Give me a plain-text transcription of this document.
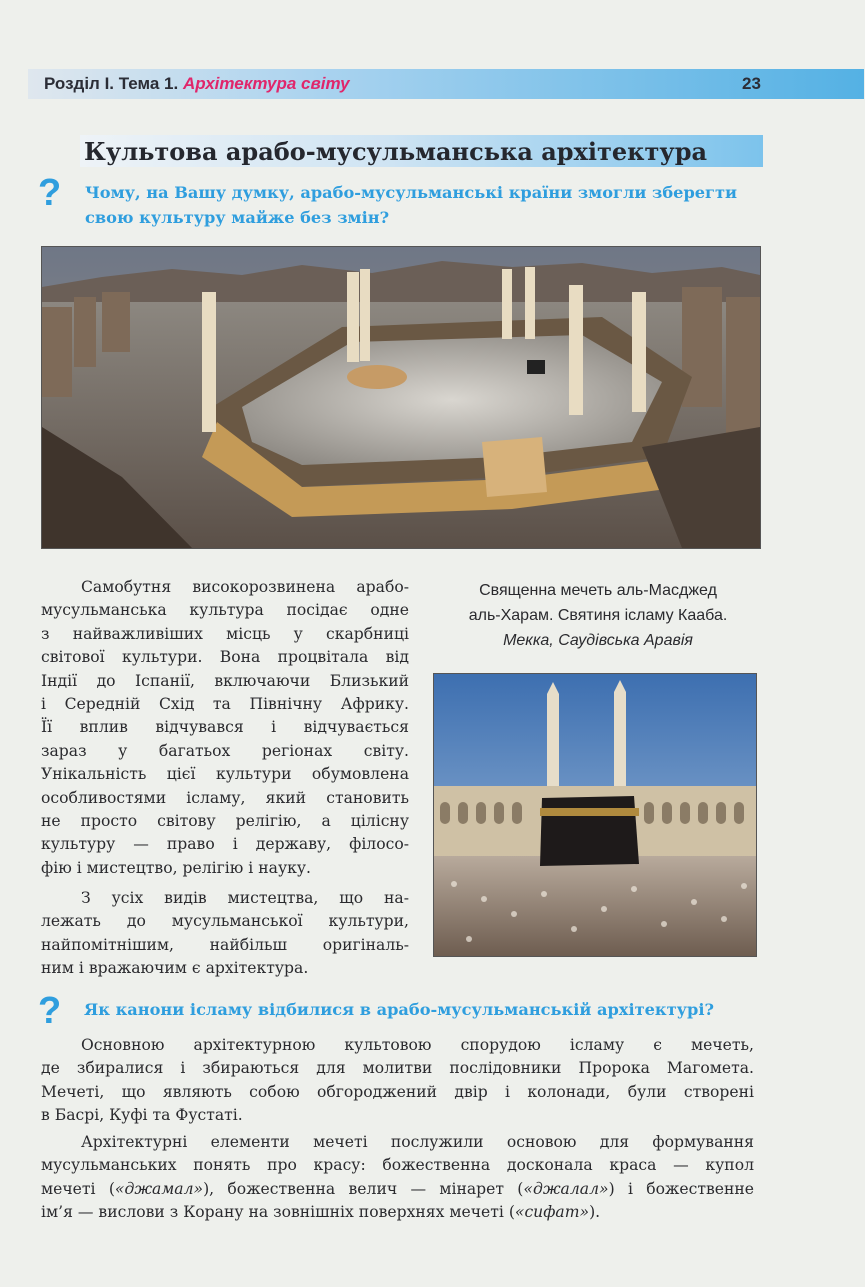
Розділ І. Тема 1. Архітектура світу	23
Культова арабо-мусульманська архітектура
? Чому, на Вашу думку, арабо-мусульманські країни змогли зберегти
свою культуру майже без змін?
Священна мечеть аль-Масджед
аль-Харам. Святиня ісламу Кааба.
Мекка, Саудівська Аравія
Самобутня високорозвинена арабо-
мусульманська культура посідає одне
з найважливіших місць у скарбниці
світової культури. Вона процвітала від
Індії до Іспанії, включаючи Близький
і Середній Схід та Північну Африку.
Її вплив відчувався і відчувається
зараз у багатьох регіонах світу.
Унікальність цієї культури обумовлена
особливостями ісламу, який становить
не просто світову релігію, а цілісну
культуру — право і державу, філосо-
фію і мистецтво, релігію і науку.
З усіх видів мистецтва, що на-
лежать до мусульманської культури,
найпомітнішим, найбільш оригіналь-
ним і вражаючим є архітектура.
? Як канони ісламу відбилися в арабо-мусульманській архітектурі?
Основною архітектурною культовою спорудою ісламу є мечеть,
де збиралися і збираються для молитви послідовники Пророка Магомета.
Мечеті, що являють собою обгороджений двір і колонади, були створені
в Басрі, Куфі та Фустаті.
Архітектурні елементи мечеті послужили основою для формування
мусульманських понять про красу: божественна досконала краса — купол
мечеті («джамал»), божественна велич — мінарет («джалал») і божественне
ім’я — вислови з Корану на зовнішніх поверхнях мечеті («сифат»).
